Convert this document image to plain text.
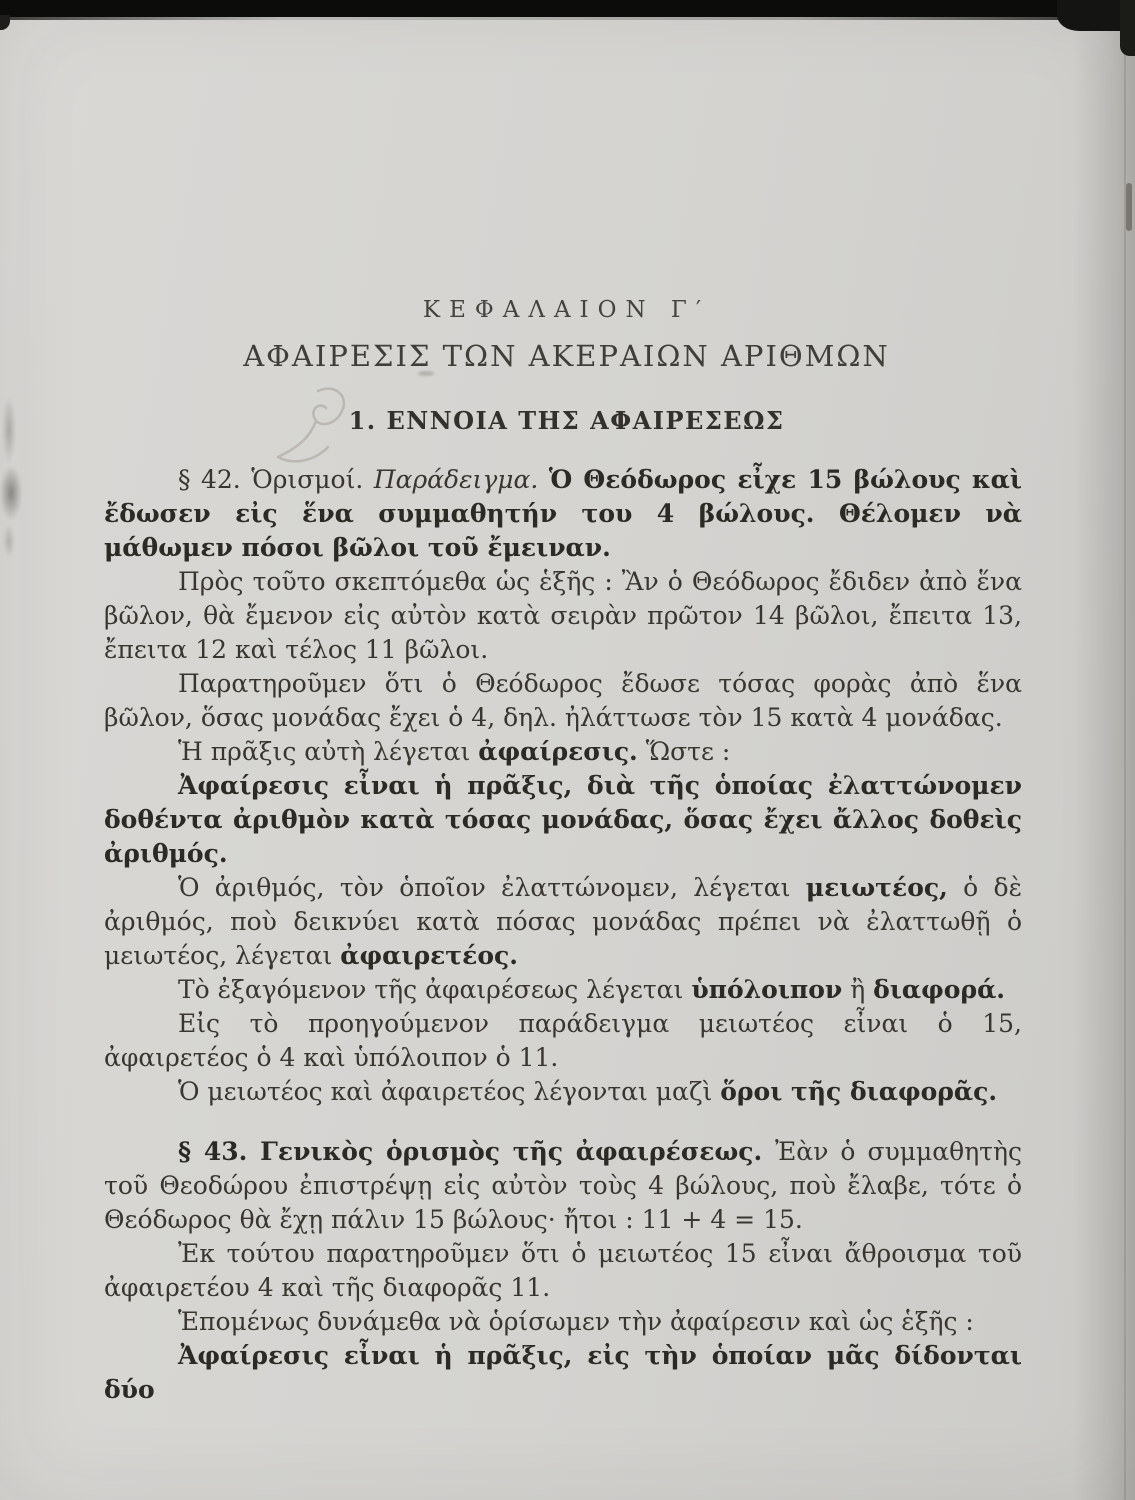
ΚΕΦΑΛΑΙΟΝ Γ′
ΑΦΑΙΡΕΣΙΣ ΤΩΝ ΑΚΕΡΑΙΩΝ ΑΡΙΘΜΩΝ
1. ΕΝΝΟΙΑ ΤΗΣ ΑΦΑΙΡΕΣΕΩΣ

§ 42. Ὁρισμοί. Παράδειγμα. Ὁ Θεόδωρος εἶχε 15 βώλους καὶ ἔδωσεν εἰς ἕνα συμμαθητήν του 4 βώλους. Θέλομεν νὰ μάθωμεν πόσοι βῶλοι τοῦ ἔμειναν.

Πρὸς τοῦτο σκεπτόμεθα ὡς ἑξῆς : Ἂν ὁ Θεόδωρος ἔδιδεν ἀπὸ ἕνα βῶλον, θὰ ἔμενον εἰς αὐτὸν κατὰ σειρὰν πρῶτον 14 βῶλοι, ἔπειτα 13, ἔπειτα 12 καὶ τέλος 11 βῶλοι.

Παρατηροῦμεν ὅτι ὁ Θεόδωρος ἔδωσε τόσας φορὰς ἀπὸ ἕνα βῶλον, ὅσας μονάδας ἔχει ὁ 4, δηλ. ἠλάττωσε τὸν 15 κατὰ 4 μονάδας.

Ἡ πρᾶξις αὐτὴ λέγεται ἀφαίρεσις. Ὥστε :

Ἀφαίρεσις εἶναι ἡ πρᾶξις, διὰ τῆς ὁποίας ἐλαττώνομεν δοθέντα ἀριθμὸν κατὰ τόσας μονάδας, ὅσας ἔχει ἄλλος δοθεὶς ἀριθμός.

Ὁ ἀριθμός, τὸν ὁποῖον ἐλαττώνομεν, λέγεται μειωτέος, ὁ δὲ ἀριθμός, ποὺ δεικνύει κατὰ πόσας μονάδας πρέπει νὰ ἐλαττωθῇ ὁ μειωτέος, λέγεται ἀφαιρετέος.

Τὸ ἐξαγόμενον τῆς ἀφαιρέσεως λέγεται ὑπόλοιπον ἢ διαφορά.

Εἰς τὸ προηγούμενον παράδειγμα μειωτέος εἶναι ὁ 15, ἀφαιρετέος ὁ 4 καὶ ὑπόλοιπον ὁ 11.

Ὁ μειωτέος καὶ ἀφαιρετέος λέγονται μαζὶ ὅροι τῆς διαφορᾶς.

§ 43. Γενικὸς ὁρισμὸς τῆς ἀφαιρέσεως. Ἐὰν ὁ συμμαθητὴς τοῦ Θεοδώρου ἐπιστρέψῃ εἰς αὐτὸν τοὺς 4 βώλους, ποὺ ἔλαβε, τότε ὁ Θεόδωρος θὰ ἔχῃ πάλιν 15 βώλους· ἤτοι : 11 + 4 = 15.

Ἐκ τούτου παρατηροῦμεν ὅτι ὁ μειωτέος 15 εἶναι ἄθροισμα τοῦ ἀφαιρετέου 4 καὶ τῆς διαφορᾶς 11.

Ἑπομένως δυνάμεθα νὰ ὁρίσωμεν τὴν ἀφαίρεσιν καὶ ὡς ἑξῆς :

Ἀφαίρεσις εἶναι ἡ πρᾶξις, εἰς τὴν ὁποίαν μᾶς δίδονται δύο
